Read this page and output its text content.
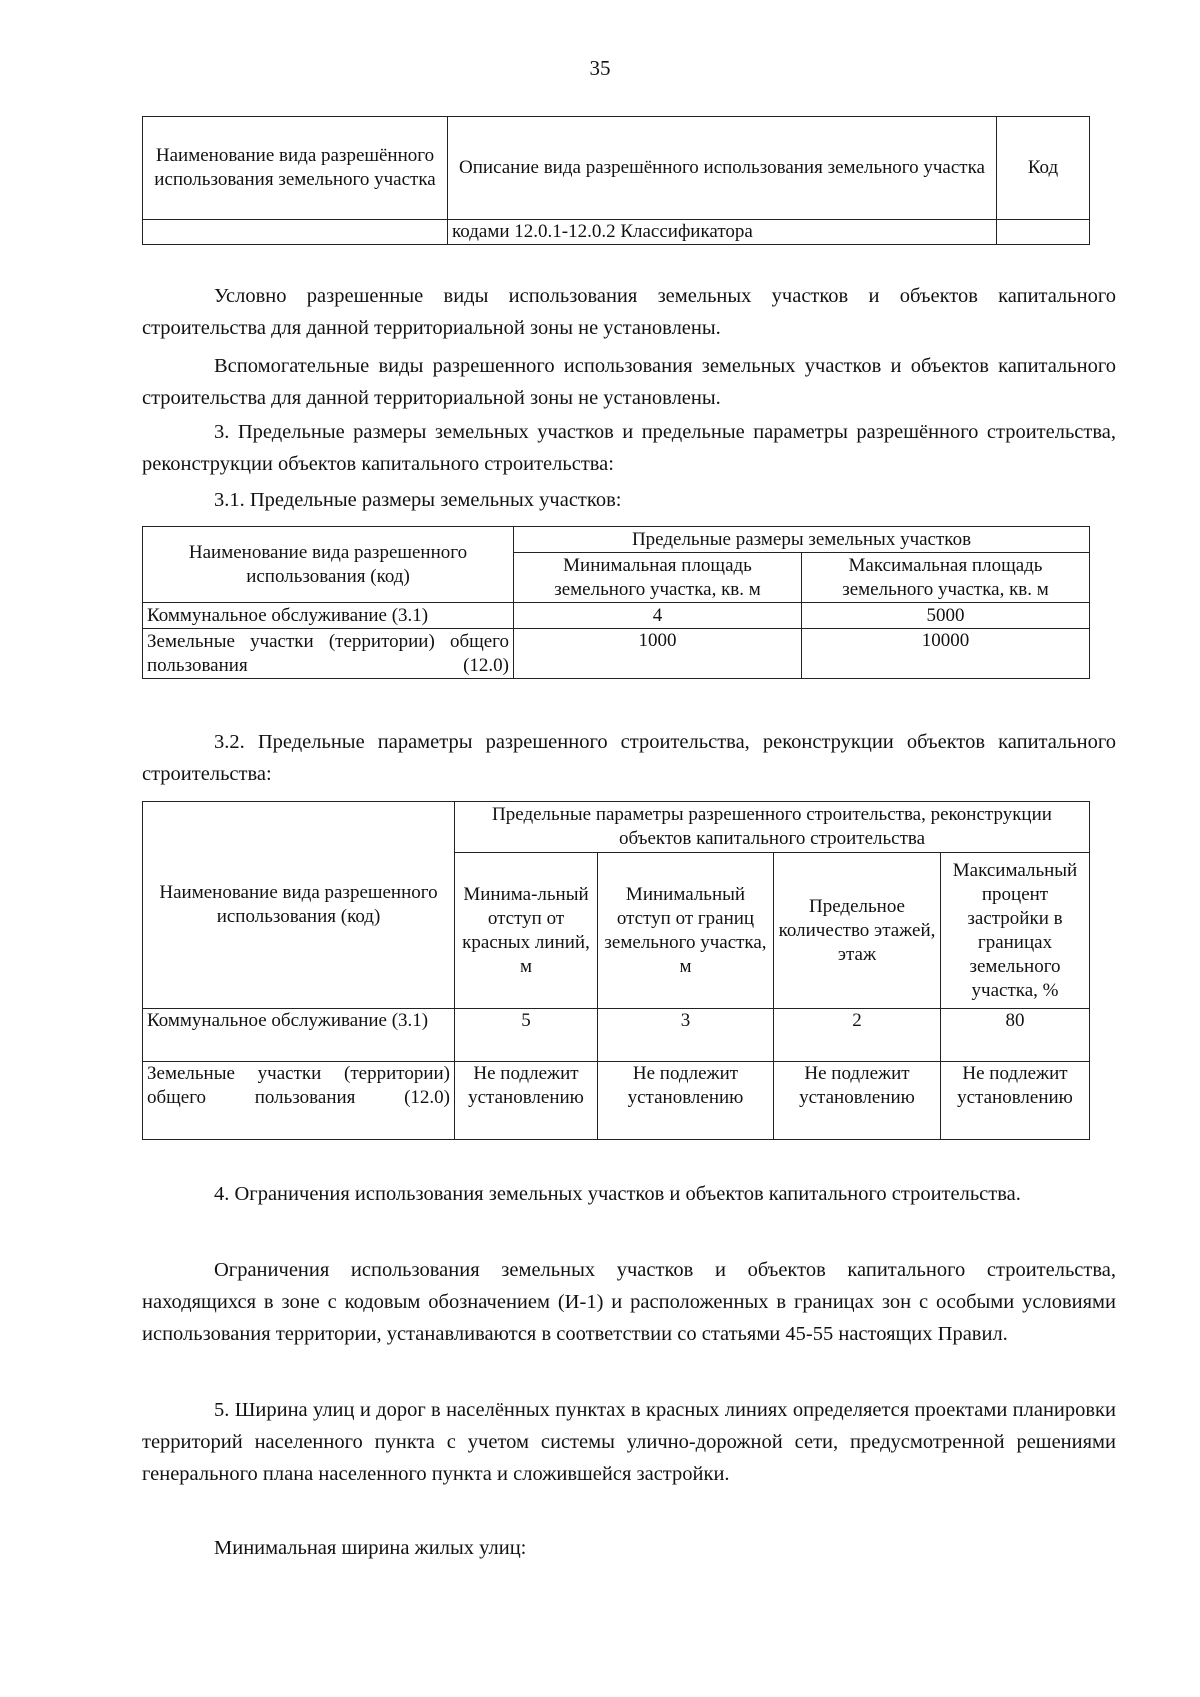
35
Наименование вида разрешённого использования земельного участка	Описание вида разрешённого использования земельного участка	Код
	кодами 12.0.1-12.0.2 Классификатора	

Условно разрешенные виды использования земельных участков и объектов капитального строительства для данной территориальной зоны не установлены.

Вспомогательные виды разрешенного использования земельных участков и объектов капитального строительства для данной территориальной зоны не установлены.

3. Предельные размеры земельных участков и предельные параметры разрешённого строительства, реконструкции объектов капитального строительства:

3.1. Предельные размеры земельных участков:

Наименование вида разрешенного использования (код)	Предельные размеры земельных участков	
	Минимальная площадь земельного участка, кв. м	Максимальная площадь земельного участка, кв. м
Коммунальное обслуживание (3.1)	4	5000
Земельные участки (территории) общего пользования (12.0)	1000	10000

3.2. Предельные параметры разрешенного строительства, реконструкции объектов капитального строительства:

Наименование вида разрешенного использования (код)	Предельные параметры разрешенного строительства, реконструкции объектов капитального строительства			
	Минима-льный отступ от красных линий, м	Минимальный отступ от границ земельного участка, м	Предельное количество этажей, этаж	Максимальный процент застройки в границах земельного участка, %
Коммунальное обслуживание (3.1)	5	3	2	80
Земельные участки (территории) общего пользования (12.0)	Не подлежит установлению	Не подлежит установлению	Не подлежит установлению	Не подлежит установлению

4. Ограничения использования земельных участков и объектов капитального строительства.

Ограничения использования земельных участков и объектов капитального строительства, находящихся в зоне с кодовым обозначением (И-1) и расположенных в границах зон с особыми условиями использования территории, устанавливаются в соответствии со статьями 45-55 настоящих Правил.

5. Ширина улиц и дорог в населённых пунктах в красных линиях определяется проектами планировки территорий населенного пункта с учетом системы улично-дорожной сети, предусмотренной решениями генерального плана населенного пункта и сложившейся застройки.

Минимальная ширина жилых улиц:
